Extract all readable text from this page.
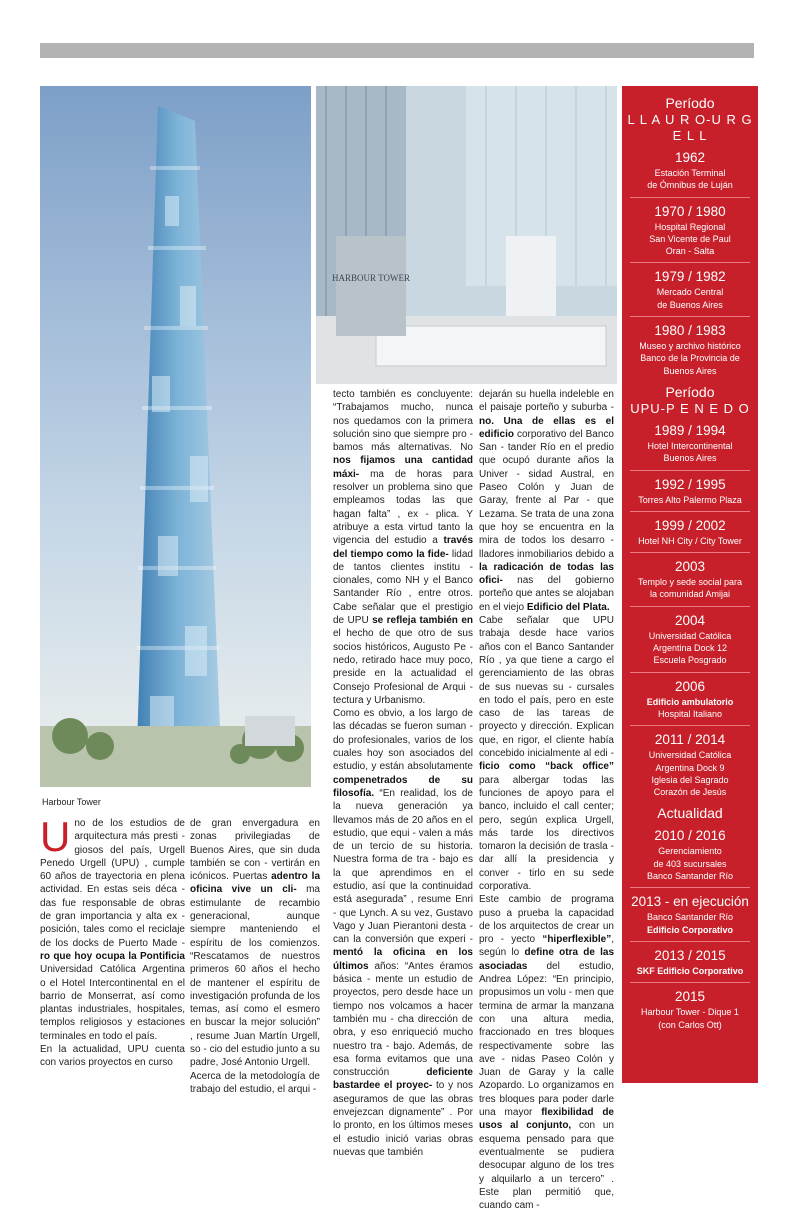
HARBOUR TOWER
Harbour Tower

Uno de los estudios de arquitectura más presti - giosos del país, Urgell Penedo Urgell (UPU) , cumple 60 años de trayectoria en plena actividad. En estas seis déca - das fue responsable de obras de gran importancia y alta ex - posición, tales como el reciclaje de los docks de Puerto Made - ro que hoy ocupa la Pontificia Universidad Católica Argentina o el Hotel Intercontinental en el barrio de Monserrat, así como plantas industriales, hospitales, templos religiosos y estaciones terminales en todo el país.

En la actualidad, UPU cuenta con varios proyectos en curso

de gran envergadura en zonas privilegiadas de Buenos Aires, que sin duda también se con - vertirán en icónicos. Puertas adentro la oficina vive un cli- ma estimulante de recambio generacional, aunque siempre manteniendo el espíritu de los comienzos. “Rescatamos de nuestros primeros 60 años el hecho de mantener el espíritu de investigación profunda de los temas, así como el esmero en buscar la mejor solución” , resume Juan Martín Urgell, so - cio del estudio junto a su padre, José Antonio Urgell.

Acerca de la metodología de trabajo del estudio, el arqui -

tecto también es concluyente: “Trabajamos mucho, nunca nos quedamos con la primera solución sino que siempre pro - bamos más alternativas. No nos fijamos una cantidad máxi- ma de horas para resolver un problema sino que empleamos todas las que hagan falta” , ex - plica. Y atribuye a esta virtud tanto la vigencia del estudio a través del tiempo como la fide- lidad de tantos clientes institu - cionales, como NH y el Banco Santander Río , entre otros. Cabe señalar que el prestigio de UPU se refleja también en el hecho de que otro de sus socios históricos, Augusto Pe - nedo, retirado hace muy poco, preside en la actualidad el Consejo Profesional de Arqui - tectura y Urbanismo.

Como es obvio, a los largo de las décadas se fueron suman - do profesionales, varios de los cuales hoy son asociados del estudio, y están absolutamente compenetrados de su filosofía. “En realidad, los de la nueva generación ya llevamos más de 20 años en el estudio, que equi - valen a más de un tercio de su historia. Nuestra forma de tra - bajo es la que aprendimos en el estudio, así que la continuidad está asegurada” , resume Enri - que Lynch. A su vez, Gustavo Vago y Juan Pierantoni desta - can la conversión que experi - mentó la oficina en los últimos años: “Antes éramos básica - mente un estudio de proyectos, pero desde hace un tiempo nos volcamos a hacer también mu - cha dirección de obra, y eso enriqueció mucho nuestro tra - bajo. Además, de esa forma evitamos que una construcción	deficiente bastardee el proyec- to y nos aseguramos de que las obras envejezcan dignamente” . Por lo pronto, en los últimos meses el estudio inició varias obras nuevas que también

dejarán su huella indeleble en el paisaje porteño y suburba - no. Una de ellas es el edificio corporativo del Banco San - tander Río en el predio que ocupó durante años la Univer - sidad Austral, en Paseo Colón y Juan de Garay, frente al Par - que Lezama. Se trata de una zona que hoy se encuentra en la mira de todos los desarro - lladores inmobiliarios debido a la radicación de todas las ofici- nas del gobierno porteño que antes se alojaban en el viejo Edificio del Plata.

Cabe señalar que UPU trabaja desde hace varios años con el Banco Santander Río , ya que tiene a cargo el gerenciamiento de las obras de sus nuevas su - cursales en todo el país, pero en este caso de las tareas de proyecto y dirección. Explican que, en rigor, el cliente había concebido inicialmente al edi - ficio como “back office” para albergar todas las funciones de apoyo para el banco, incluido el call center; pero, según explica Urgell, más tarde los directivos tomaron la decisión de trasla - dar allí la presidencia y conver - tirlo en su sede corporativa.

Este cambio de programa puso a prueba la capacidad de los arquitectos de crear un pro - yecto “hiperflexible”, según lo define otra de las asociadas del estudio, Andrea López: “En principio, propusimos un volu - men que termina de armar la manzana con una altura media, fraccionado en tres bloques respectivamente sobre las ave - nidas Paseo Colón y Juan de Garay y la calle Azopardo. Lo organizamos en tres bloques para poder darle una mayor flexibilidad de usos al conjunto, con un esquema pensado para que eventualmente se pudiera desocupar alguno de los tres y alquilarlo a un tercero” . Este plan permitió que, cuando cam -

Período
L L A U R O-U R G E L L
1962
Estación Terminal
de Ómnibus de Luján
1970 / 1980
Hospital Regional
San Vicente de Paul
Oran - Salta
1979 / 1982
Mercado Central
de Buenos Aires
1980 / 1983
Museo y archivo histórico
Banco de la Provincia de
Buenos Aires
Período
UPU-P E N E D O
1989 / 1994
Hotel Intercontinental
Buenos Aires
1992 / 1995
Torres Alto Palermo Plaza
1999 / 2002
Hotel NH City / City Tower
2003
Templo y sede social para
la comunidad Amijai
2004
Universidad Católica
Argentina Dock 12
Escuela Posgrado
2006
Edificio ambulatorio
Hospital Italiano
2011 / 2014
Universidad Católica
Argentina Dock 9
Iglesia del Sagrado
Corazón de Jesús
Actualidad
2010 / 2016
Gerenciamiento
de 403 sucursales
Banco Santander Río
2013 - en ejecución
Banco Santander Río
Edificio Corporativo
2013 / 2015
SKF Edificio Corporativo
2015
Harbour Tower - Dique 1
(con Carlos Ott)
